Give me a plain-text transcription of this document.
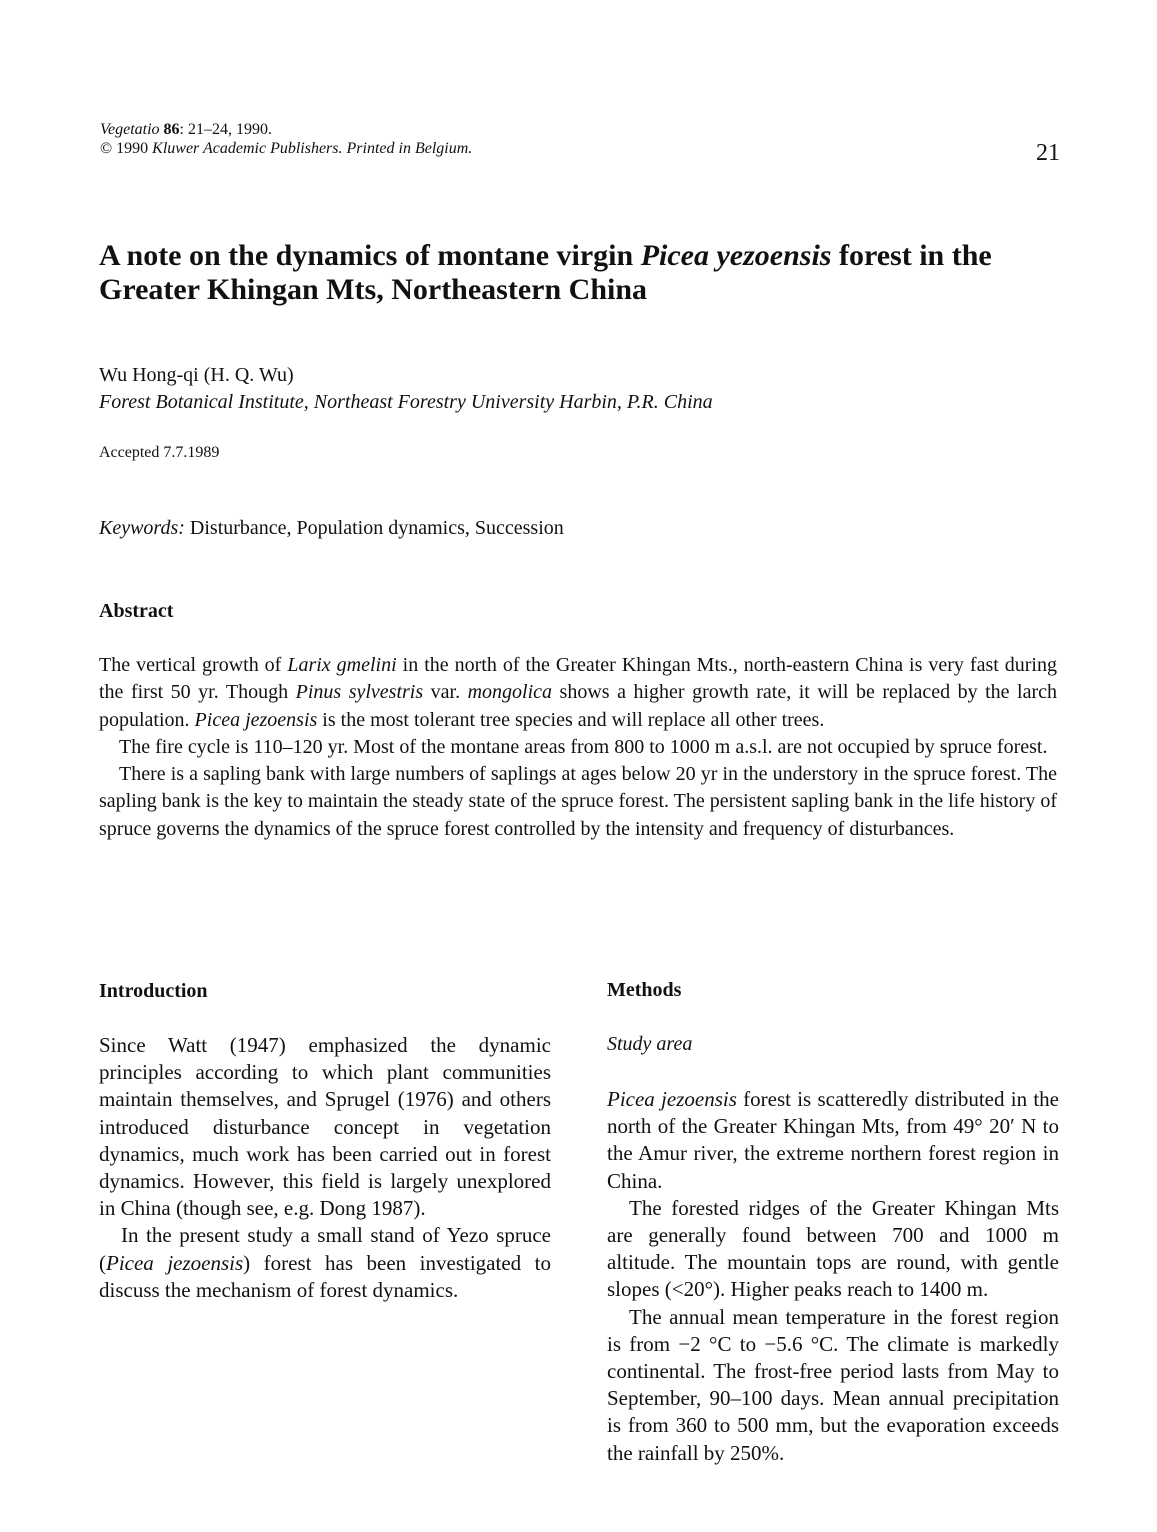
Vegetatio 86: 21–24, 1990.
© 1990 Kluwer Academic Publishers. Printed in Belgium.	21
A note on the dynamics of montane virgin Picea yezoensis forest in the Greater Khingan Mts, Northeastern China
Wu Hong-qi (H. Q. Wu)
Forest Botanical Institute, Northeast Forestry University Harbin, P.R. China
Accepted 7.7.1989
Keywords: Disturbance, Population dynamics, Succession
Abstract

The vertical growth of Larix gmelini in the north of the Greater Khingan Mts., north-eastern China is very fast during the first 50 yr. Though Pinus sylvestris var. mongolica shows a higher growth rate, it will be replaced by the larch population. Picea jezoensis is the most tolerant tree species and will replace all other trees.

The fire cycle is 110–120 yr. Most of the montane areas from 800 to 1000 m a.s.l. are not occupied by spruce forest.

There is a sapling bank with large numbers of saplings at ages below 20 yr in the understory in the spruce forest. The sapling bank is the key to maintain the steady state of the spruce forest. The persistent sapling bank in the life history of spruce governs the dynamics of the spruce forest controlled by the intensity and frequency of disturbances.

Introduction

Since Watt (1947) emphasized the dynamic principles according to which plant communities maintain themselves, and Sprugel (1976) and others introduced disturbance concept in vegetation dynamics, much work has been carried out in forest dynamics. However, this field is largely unexplored in China (though see, e.g. Dong 1987).

In the present study a small stand of Yezo spruce (Picea jezoensis) forest has been investigated to discuss the mechanism of forest dynamics.

Methods
Study area

Picea jezoensis forest is scatteredly distributed in the north of the Greater Khingan Mts, from 49° 20′ N to the Amur river, the extreme northern forest region in China.

The forested ridges of the Greater Khingan Mts are generally found between 700 and 1000 m altitude. The mountain tops are round, with gentle slopes (<20°). Higher peaks reach to 1400 m.

The annual mean temperature in the forest region is from −2 °C to −5.6 °C. The climate is markedly continental. The frost-free period lasts from May to September, 90–100 days. Mean annual precipitation is from 360 to 500 mm, but the evaporation exceeds the rainfall by 250%.
